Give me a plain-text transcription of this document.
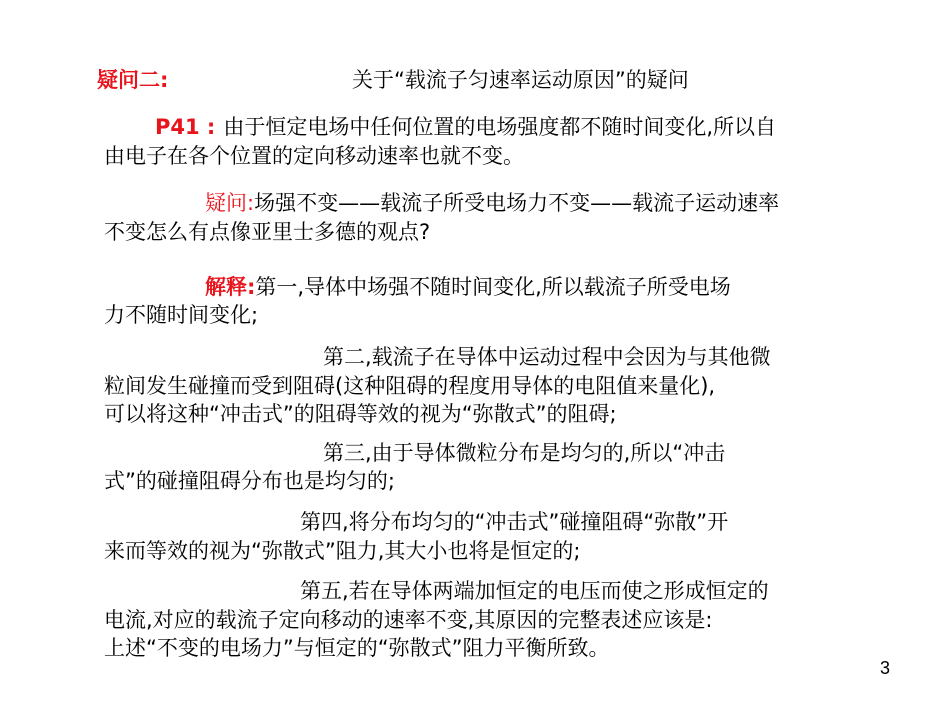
疑问二:	关于“载流子匀速率运动原因”的疑问
P41 : 由于恒定电场中任何位置的电场强度都不随时间变化,所以自
由电子在各个位置的定向移动速率也就不变。
疑问:场强不变——载流子所受电场力不变——载流子运动速率
不变怎么有点像亚里士多德的观点?
解释:第一,导体中场强不随时间变化,所以载流子所受电场
力不随时间变化;
第二,载流子在导体中运动过程中会因为与其他微
粒间发生碰撞而受到阻碍(这种阻碍的程度用导体的电阻值来量化),
可以将这种“冲击式”的阻碍等效的视为“弥散式”的阻碍;
第三,由于导体微粒分布是均匀的,所以“冲击
式”的碰撞阻碍分布也是均匀的;
第四,将分布均匀的“冲击式”碰撞阻碍“弥散”开
来而等效的视为“弥散式”阻力,其大小也将是恒定的;
第五,若在导体两端加恒定的电压而使之形成恒定的
电流,对应的载流子定向移动的速率不变,其原因的完整表述应该是:
上述“不变的电场力”与恒定的“弥散式”阻力平衡所致。
3
